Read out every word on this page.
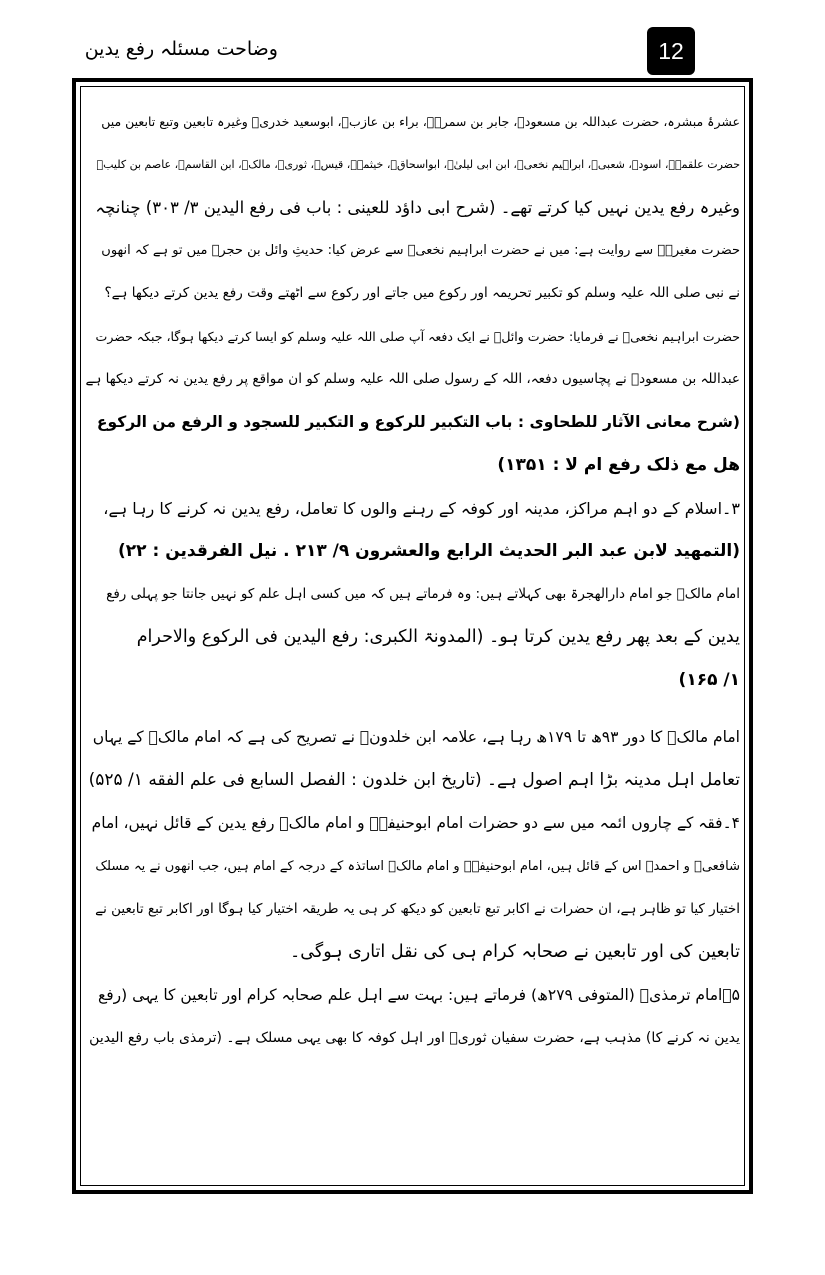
وضاحت مسئلہ رفع یدین	12
عشرۂ مبشرہ، حضرت عبداللہ بن مسعودؓ، جابر بن سمرۃؓ، براء بن عازبؓ، ابوسعید خدریؓ وغیرہ تابعین وتبع تابعین میں
حضرت علقمہؒ، اسودؒ، شعبیؒ، ابراہیم نخعیؒ، ابن ابی لیلیٰؒ، ابواسحاقؒ، خیثمہؒ، قیسؒ، ثوریؒ، مالکؒ، ابن القاسمؒ، عاصم بن کلیبؒ
وغیرہ رفع یدین نہیں کیا کرتے تھے۔ (شرح ابی داؤد للعینی : باب فی رفع الیدین ۳/ ۳۰۳) چنانچہ
حضرت مغیرہؒ سے روایت ہے: میں نے حضرت ابراہیم نخعیؒ سے عرض کیا: حدیثِ وائل بن حجرؓ میں تو ہے کہ انھوں
نے نبی صلی اللہ علیہ وسلم کو تکبیر تحریمہ اور رکوع میں جاتے اور رکوع سے اٹھتے وقت رفع یدین کرتے دیکھا ہے؟
حضرت ابراہیم نخعیؒ نے فرمایا: حضرت وائلؓ نے ایک دفعہ آپ صلی اللہ علیہ وسلم کو ایسا کرتے دیکھا ہوگا، جبکہ حضرت
عبداللہ بن مسعودؓ نے پچاسیوں دفعہ، اللہ کے رسول صلی اللہ علیہ وسلم کو ان مواقع پر رفع یدین نہ کرتے دیکھا ہے
(شرح معانی الآثار للطحاوی : باب التکبیر للرکوع و التکبیر للسجود و الرفع من الرکوع
ھل مع ذلک رفع ام لا : ۱۳۵۱)
۳۔اسلام کے دو اہم مراکز، مدینہ اور کوفہ کے رہنے والوں کا تعامل، رفع یدین نہ کرنے کا رہا ہے،
(التمهید لابن عبد البر الحدیث الرابع والعشرون ۹/ ۲۱۳ . نیل الفرقدین : ۲۲)
امام مالکؒ جو امام دارالھجرۃ بھی کہلاتے ہیں: وہ فرماتے ہیں کہ میں کسی اہل علم کو نہیں جانتا جو پہلی رفع
یدین کے بعد پھر رفع یدین کرتا ہو۔ (المدونۃ الکبری: رفع الیدین فی الرکوع والاحرام
۱/ ۱۶۵)
امام مالکؒ کا دور ۹۳ھ تا ۱۷۹ھ رہا ہے، علامہ ابن خلدونؒ نے تصریح کی ہے کہ امام مالکؒ کے یہاں
تعامل اہل مدینہ بڑا اہم اصول ہے۔ (تاریخ ابن خلدون : الفصل السابع فی علم الفقه ۱/ ۵۲۵)
۴۔فقہ کے چاروں ائمہ میں سے دو حضرات امام ابوحنیفہؒ و امام مالکؒ رفع یدین کے قائل نہیں، امام
شافعیؒ و احمدؒ اس کے قائل ہیں، امام ابوحنیفہؒ و امام مالکؒ اساتذہ کے درجہ کے امام ہیں، جب انھوں نے یہ مسلک
اختیار کیا تو ظاہر ہے، ان حضرات نے اکابر تبع تابعین کو دیکھ کر ہی یہ طریقہ اختیار کیا ہوگا اور اکابر تبع تابعین نے
تابعین کی اور تابعین نے صحابہ کرام ہی کی نقل اتاری ہوگی۔
۵۔امام ترمذیؒ (المتوفی ۲۷۹ھ) فرماتے ہیں: بہت سے اہل علم صحابہ کرام اور تابعین کا یہی (رفع
یدین نہ کرنے کا) مذہب ہے، حضرت سفیان ثوریؒ اور اہل کوفہ کا بھی یہی مسلک ہے۔ (ترمذی باب رفع الیدین
